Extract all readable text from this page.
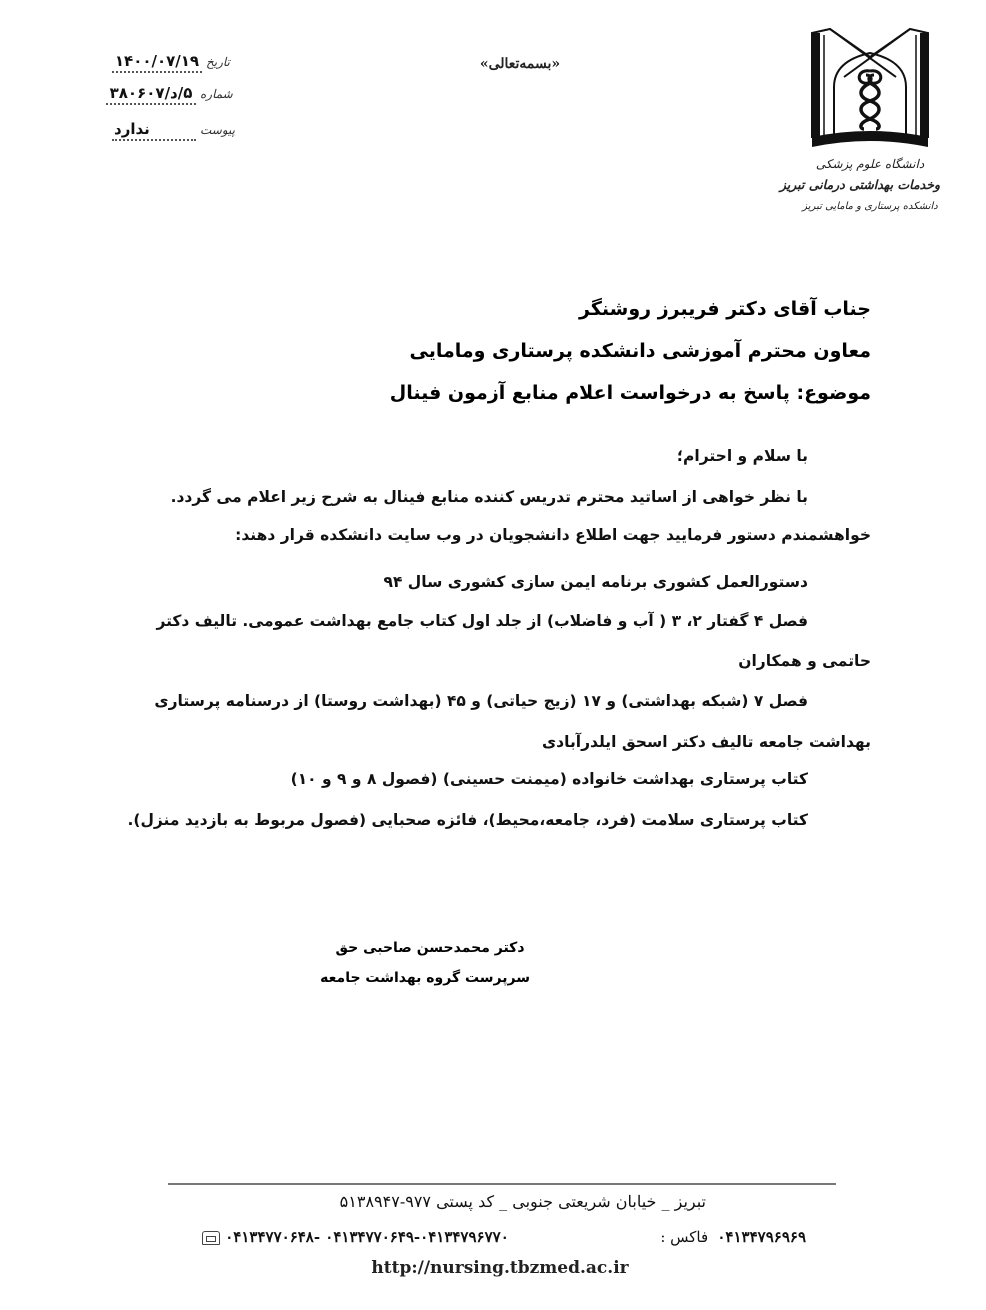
تاریخ
۱۴۰۰/۰۷/۱۹
شماره
۵/د/۳۸۰۶۰۷
پیوست
ندارد
«بسمه‌تعالی»
دانشگاه علوم پزشکی
وخدمات بهداشتی درمانی تبریز
دانشکده پرستاری و مامایی تبریز
جناب آقای دکتر فریبرز روشنگر
معاون محترم آموزشی دانشکده پرستاری ومامایی
موضوع: پاسخ به درخواست اعلام منابع آزمون فینال
با سلام و احترام؛
با نظر خواهی از اساتید محترم تدریس کننده منابع فینال به شرح زیر اعلام می گردد.
خواهشمندم دستور فرمایید جهت اطلاع دانشجویان در وب سایت دانشکده قرار دهند:
دستورالعمل کشوری برنامه ایمن سازی کشوری سال ۹۴
فصل ۴ گفتار ۲، ۳ ( آب و فاضلاب) از جلد اول کتاب جامع بهداشت عمومی. تالیف دکتر
حاتمی و همکاران
فصل ۷ (شبکه بهداشتی) و ۱۷ (زیج حیاتی) و ۴۵ (بهداشت روستا) از درسنامه پرستاری
بهداشت جامعه تالیف دکتر اسحق ایلدرآبادی
کتاب پرستاری بهداشت خانواده (میمنت حسینی) (فصول ۸ و ۹ و ۱۰)
کتاب پرستاری سلامت (فرد، جامعه،محیط)، فائزه صحبایی (فصول مربوط به بازدید منزل).
دکتر محمدحسن صاحبی حق
سرپرست گروه بهداشت جامعه
تبریز _ خیابان شریعتی جنوبی _ کد پستی ۹۷۷-۵۱۳۸۹۴۷
۰۴۱۳۴۷۹۶۹۶۹ فاکس :
۰۴۱۳۴۷۷۰۶۴۸- ۰۴۱۳۴۷۷۰۶۴۹-۰۴۱۳۴۷۹۶۷۷۰
http://nursing.tbzmed.ac.ir
